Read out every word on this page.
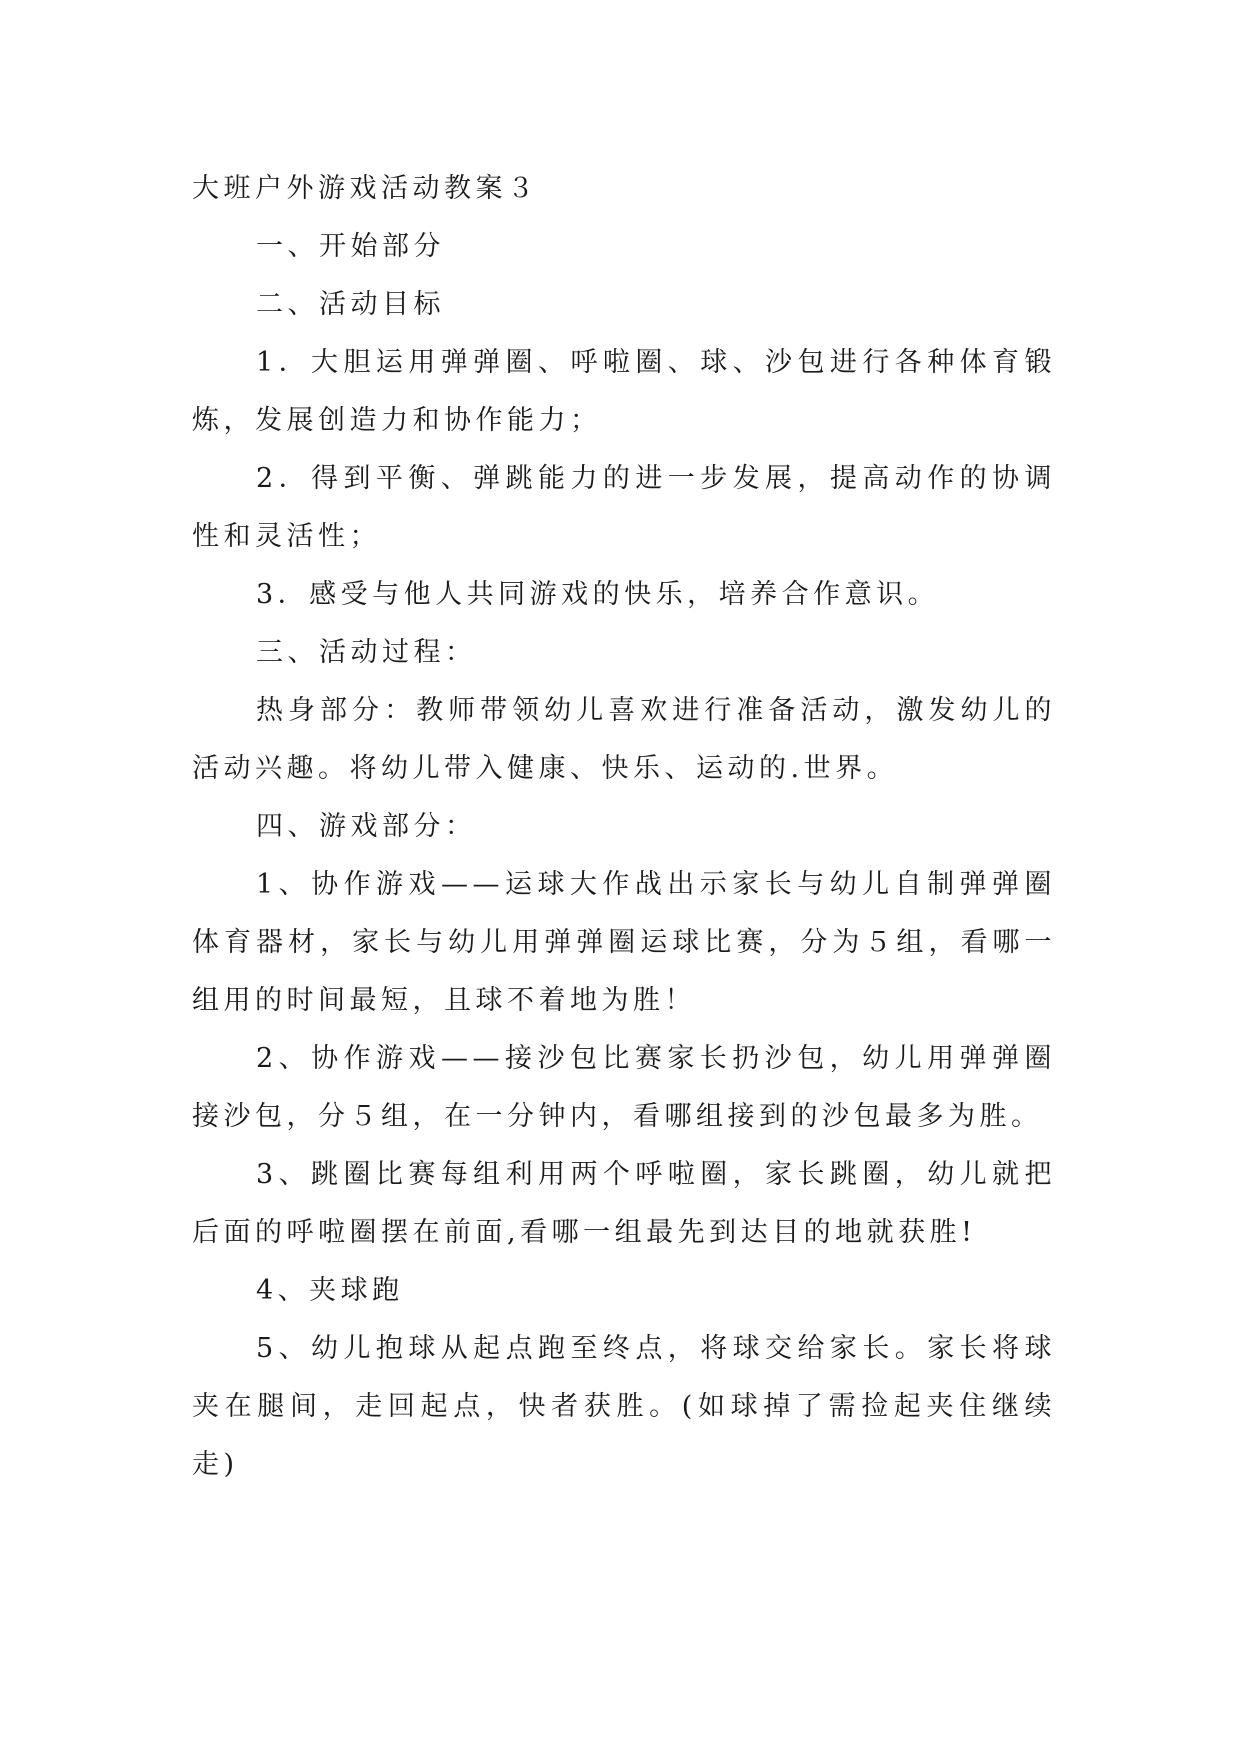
大班户外游戏活动教案３

一、开始部分

二、活动目标

1．大胆运用弹弹圈、呼啦圈、球、沙包进行各种体育锻炼，发展创造力和协作能力；

2．得到平衡、弹跳能力的进一步发展，提高动作的协调性和灵活性；

3．感受与他人共同游戏的快乐，培养合作意识。

三、活动过程：

热身部分：教师带领幼儿喜欢进行准备活动，激发幼儿的活动兴趣。将幼儿带入健康、快乐、运动的.世界。

四、游戏部分：

1、协作游戏——运球大作战出示家长与幼儿自制弹弹圈体育器材，家长与幼儿用弹弹圈运球比赛，分为５组，看哪一组用的时间最短，且球不着地为胜！

2、协作游戏——接沙包比赛家长扔沙包，幼儿用弹弹圈接沙包，分５组，在一分钟内，看哪组接到的沙包最多为胜。

3、跳圈比赛每组利用两个呼啦圈，家长跳圈，幼儿就把后面的呼啦圈摆在前面,看哪一组最先到达目的地就获胜!

4、夹球跑

5、幼儿抱球从起点跑至终点，将球交给家长。家长将球夹在腿间，走回起点，快者获胜。(如球掉了需捡起夹住继续走)
